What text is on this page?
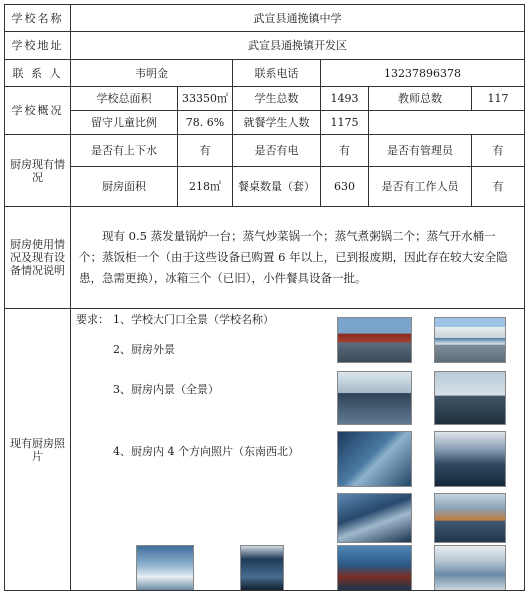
学校名称	武宣县通挽镇中学					
学校地址	武宣县通挽镇开发区					
联 系 人	韦明金		联系电话	13237896378		
学校概况	学校总面积	33350㎡	学生总数	1493	教师总数	117
	留守儿童比例	78. 6%	就餐学生人数	1175		
厨房现有情况	是否有上下水	有	是否有电	有	是否有管理员	有
	厨房面积	218㎡	餐桌数量（套）	630	是否有工作人员	有
厨房使用情况及现有设备情况说明	现有 0.5 蒸发量锅炉一台；蒸气炒菜锅一个；蒸气煮粥锅二个；蒸气开水桶一个；蒸饭柜一个（由于这些设备已购置 6 年以上，已到报废期，因此存在较大安全隐患，急需更换），冰箱三个（已旧），小件餐具设备一批。					
现有厨房照片	要求： 1、学校大门口全景（学校名称）
2、厨房外景
3、厨房内景（全景）
4、厨房内 4 个方向照片（东南西北）					
